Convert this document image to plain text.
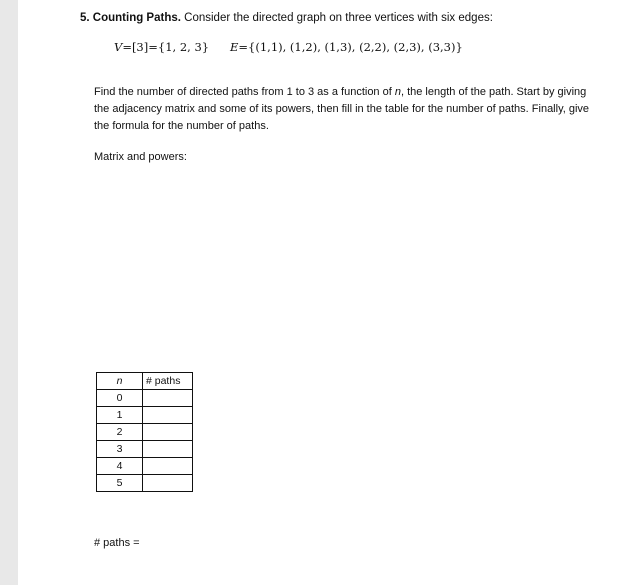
5. Counting Paths. Consider the directed graph on three vertices with six edges:
V=[3]={1, 2, 3} E={(1,1), (1,2), (1,3), (2,2), (2,3), (3,3)}
Find the number of directed paths from 1 to 3 as a function of n, the length of the path. Start by giving the adjacency matrix and some of its powers, then fill in the table for the number of paths. Finally, give the formula for the number of paths.
Matrix and powers:
n	# paths
0	
1	
2	
3	
4	
5	
# paths =
